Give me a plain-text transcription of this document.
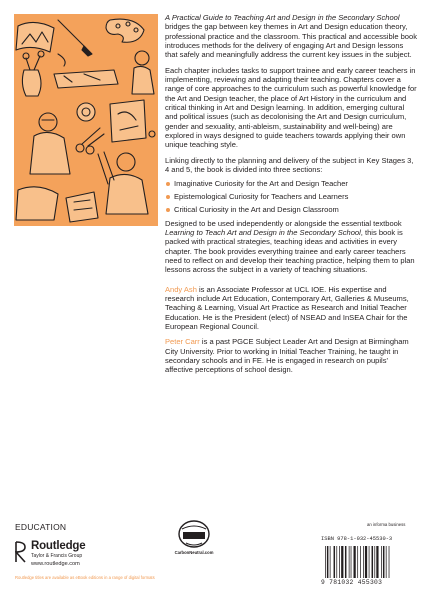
A Practical Guide to Teaching Art and Design in the Secondary School bridges the gap between key themes in Art and Design education theory, professional practice and the classroom. This practical and accessible book introduces methods for the delivery of engaging Art and Design lessons that safely and meaningfully address the current key issues in the subject.

Each chapter includes tasks to support trainee and early career teachers in implementing, reviewing and adapting their teaching. Chapters cover a range of core approaches to the curriculum such as powerful knowledge for the Art and Design teacher, the place of Art History in the curriculum and critical thinking in Art and Design learning. In addition, emerging cultural and political issues (such as decolonising the Art and Design curriculum, gender and sexuality, anti-ableism, sustainability and well-being) are explored in ways designed to guide teachers towards applying their own unique teaching style.

Linking directly to the planning and delivery of the subject in Key Stages 3, 4 and 5, the book is divided into three sections:

Imaginative Curiosity for the Art and Design Teacher
Epistemological Curiosity for Teachers and Learners
Critical Curiosity in the Art and Design Classroom

Designed to be used independently or alongside the essential textbook Learning to Teach Art and Design in the Secondary School, this book is packed with practical strategies, teaching ideas and activities in every chapter. The book provides everything trainee and early career teachers need to reflect on and develop their teaching practice, helping them to plan lessons across the subject in a variety of teaching situations.

Andy Ash is an Associate Professor at UCL IOE. His expertise and research include Art Education, Contemporary Art, Galleries & Museums, Teaching & Learning, Visual Art Practice as Research and Initial Teacher Education. He is the President (elect) of NSEAD and InSEA Chair for the European Regional Council.

Peter Carr is a past PGCE Subject Leader Art and Design at Birmingham City University. Prior to working in Initial Teacher Training, he taught in secondary schools and in FE. He is engaged in research on pupils' affective perceptions of school design.

EDUCATION
Routledge
Taylor & Francis Group
www.routledge.com
Routledge titles are available as eBook editions in a range of digital formats
CarbonNeutral.com
an informa business
ISBN 978-1-032-45530-3
9 781032 455303
